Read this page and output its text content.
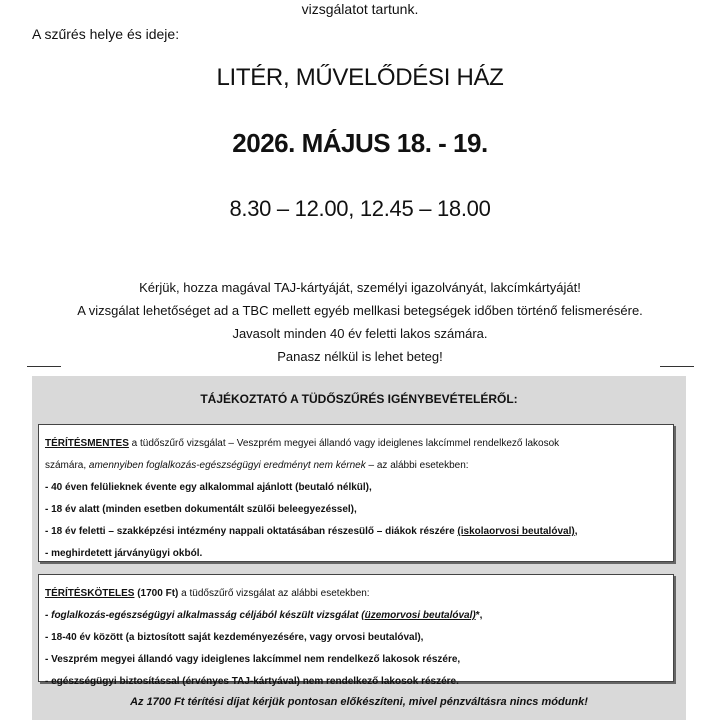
vizsgálatot tartunk.
A szűrés helye és ideje:
LITÉR, MŰVELŐDÉSI HÁZ
2026. MÁJUS 18. - 19.
8.30 – 12.00, 12.45 – 18.00

Kérjük, hozza magával TAJ-kártyáját, személyi igazolványát, lakcímkártyáját!

A vizsgálat lehetőséget ad a TBC mellett egyéb mellkasi betegségek időben történő felismerésére.

Javasolt minden 40 év feletti lakos számára.

Panasz nélkül is lehet beteg!

TÁJÉKOZTATÓ A TÜDŐSZŰRÉS IGÉNYBEVÉTELÉRŐL:

TÉRÍTÉSMENTES a tüdőszűrő vizsgálat – Veszprém megyei állandó vagy ideiglenes lakcímmel rendelkező lakosok

számára, amennyiben foglalkozás-egészségügyi eredményt nem kérnek – az alábbi esetekben:

- 40 éven felülieknek évente egy alkalommal ajánlott (beutaló nélkül),

- 18 év alatt (minden esetben dokumentált szülői beleegyezéssel),

- 18 év feletti – szakképzési intézmény nappali oktatásában részesülő – diákok részére (iskolaorvosi beutalóval),

- meghirdetett járványügyi okból.

TÉRÍTÉSKÖTELES (1700 Ft) a tüdőszűrő vizsgálat az alábbi esetekben:

- foglalkozás-egészségügyi alkalmasság céljából készült vizsgálat (üzemorvosi beutalóval)*,

- 18-40 év között (a biztosított saját kezdeményezésére, vagy orvosi beutalóval),

- Veszprém megyei állandó vagy ideiglenes lakcímmel nem rendelkező lakosok részére,

- egészségügyi biztosítással (érvényes TAJ-kártyával) nem rendelkező lakosok részére.

Az 1700 Ft térítési díjat kérjük pontosan előkészíteni, mivel pénzváltásra nincs módunk!
